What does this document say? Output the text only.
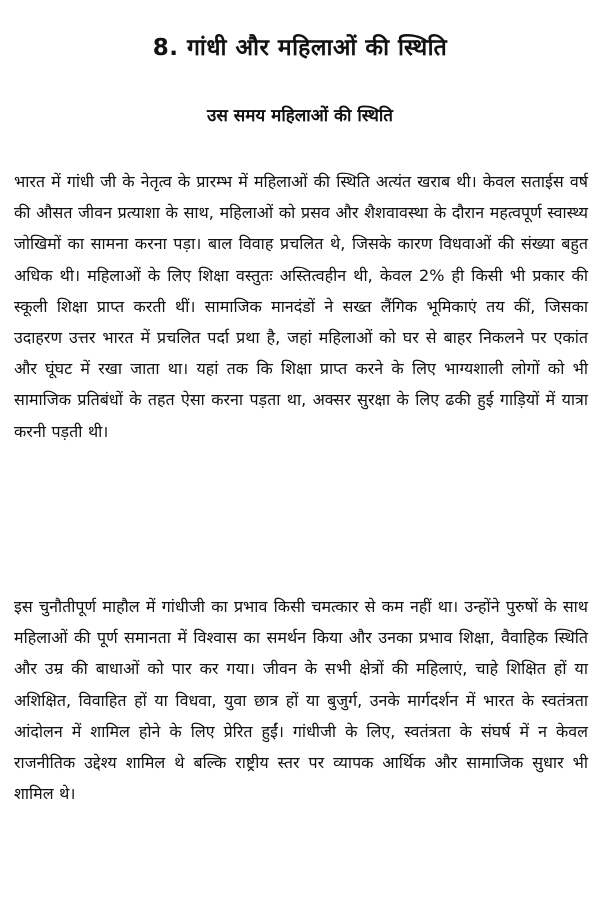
8. गांधी और महिलाओं की स्थिति
उस समय महिलाओं की स्थिति

भारत में गांधी जी के नेतृत्व के प्रारम्भ में महिलाओं की स्थिति अत्यंत खराब थी। केवल सताईस वर्ष की औसत जीवन प्रत्याशा के साथ, महिलाओं को प्रसव और शैशवावस्था के दौरान महत्वपूर्ण स्वास्थ्य जोखिमों का सामना करना पड़ा। बाल विवाह प्रचलित थे, जिसके कारण विधवाओं की संख्या बहुत अधिक थी। महिलाओं के लिए शिक्षा वस्तुतः अस्तित्वहीन थी, केवल 2% ही किसी भी प्रकार की स्कूली शिक्षा प्राप्त करती थीं। सामाजिक मानदंडों ने सख्त लैंगिक भूमिकाएं तय कीं, जिसका उदाहरण उत्तर भारत में प्रचलित पर्दा प्रथा है, जहां महिलाओं को घर से बाहर निकलने पर एकांत और घूंघट में रखा जाता था। यहां तक कि शिक्षा प्राप्त करने के लिए भाग्यशाली लोगों को भी सामाजिक प्रतिबंधों के तहत ऐसा करना पड़ता था, अक्सर सुरक्षा के लिए ढकी हुई गाड़ियों में यात्रा करनी पड़ती थी।

इस चुनौतीपूर्ण माहौल में गांधीजी का प्रभाव किसी चमत्कार से कम नहीं था। उन्होंने पुरुषों के साथ महिलाओं की पूर्ण समानता में विश्वास का समर्थन किया और उनका प्रभाव शिक्षा, वैवाहिक स्थिति और उम्र की बाधाओं को पार कर गया। जीवन के सभी क्षेत्रों की महिलाएं, चाहे शिक्षित हों या अशिक्षित, विवाहित हों या विधवा, युवा छात्र हों या बुजुर्ग, उनके मार्गदर्शन में भारत के स्वतंत्रता आंदोलन में शामिल होने के लिए प्रेरित हुईं। गांधीजी के लिए, स्वतंत्रता के संघर्ष में न केवल राजनीतिक उद्देश्य शामिल थे बल्कि राष्ट्रीय स्तर पर व्यापक आर्थिक और सामाजिक सुधार भी शामिल थे।
